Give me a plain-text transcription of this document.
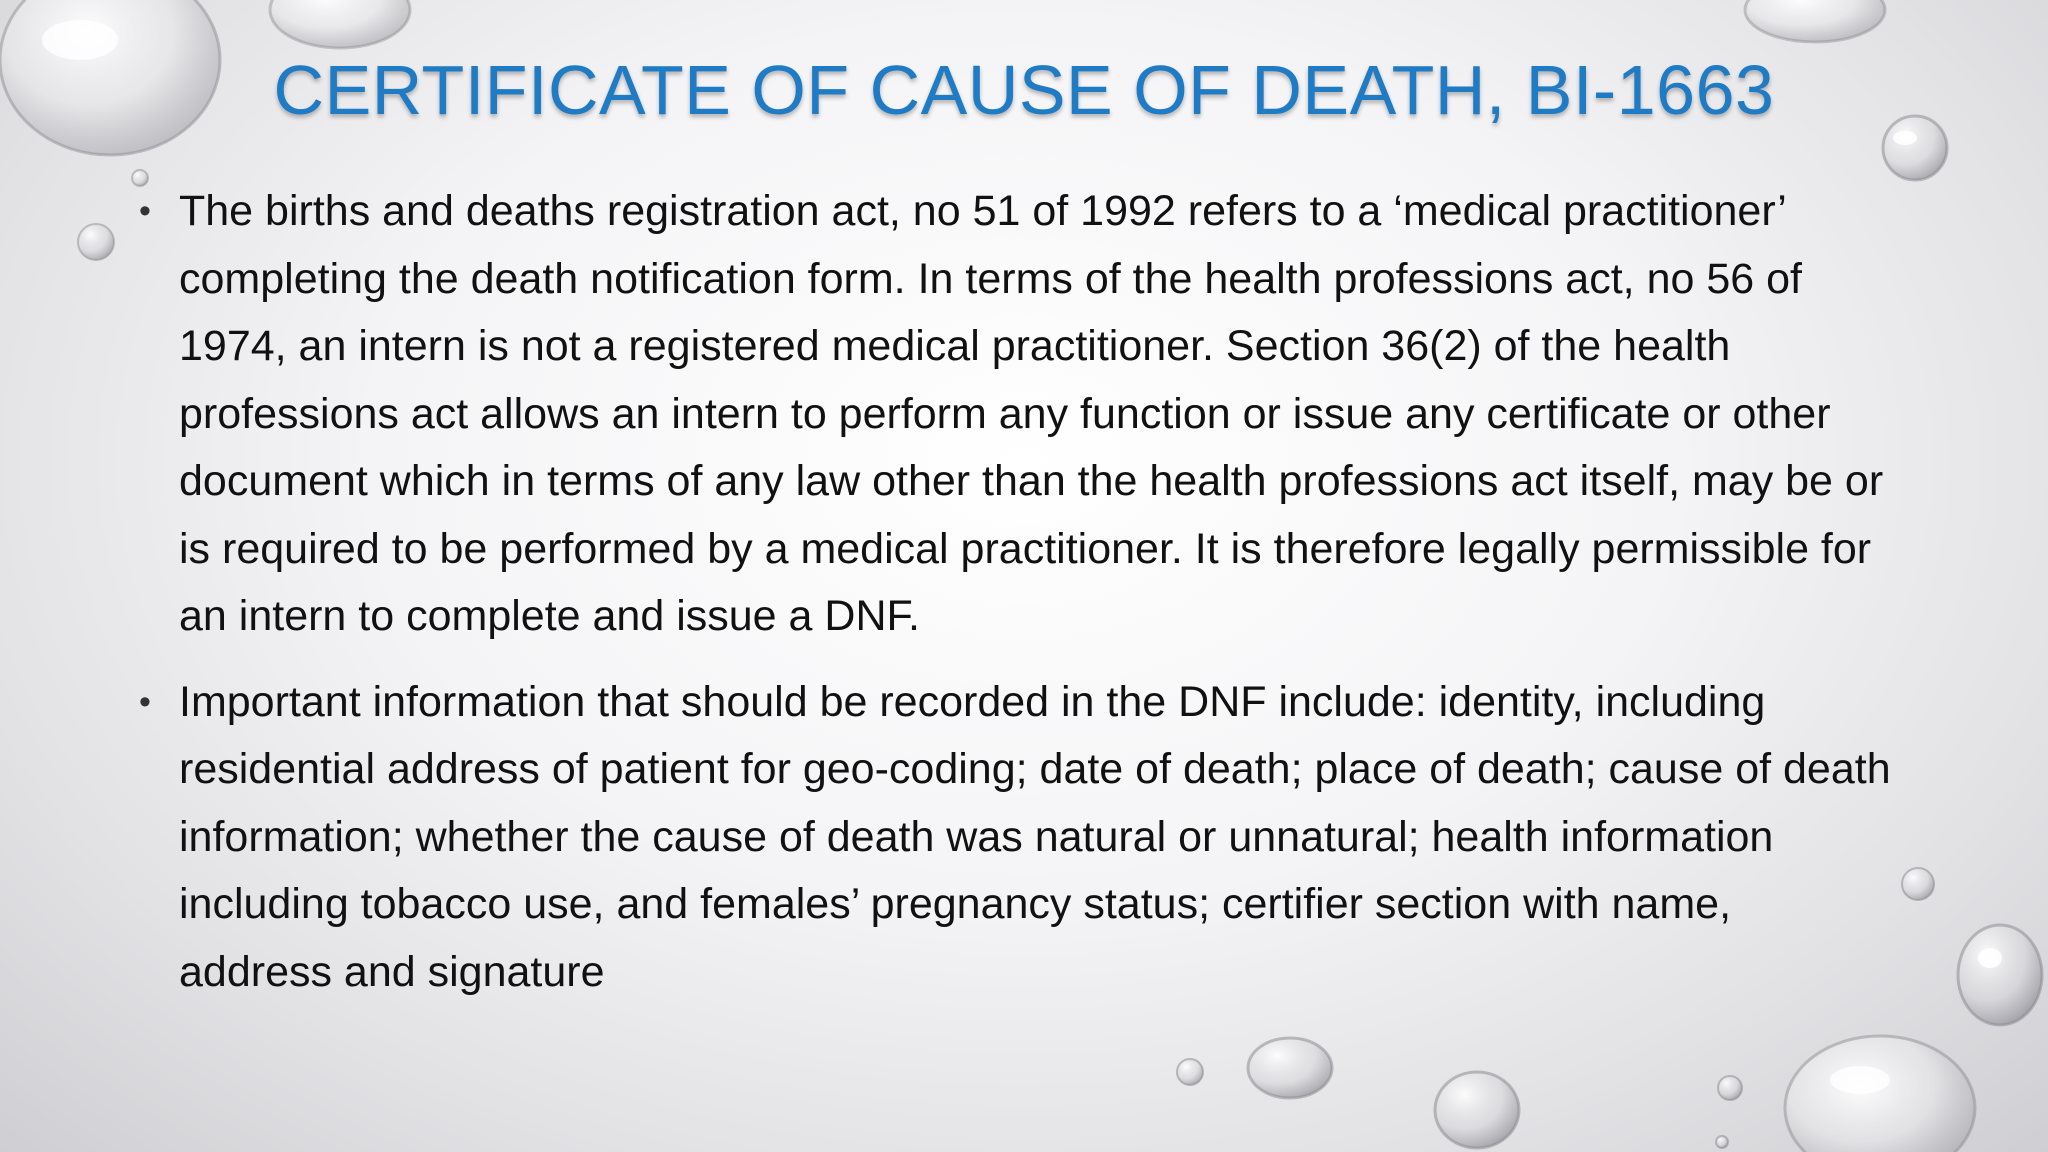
CERTIFICATE OF CAUSE OF DEATH, BI-1663
• The births and deaths registration act, no 51 of 1992 refers to a ‘medical practitioner’ completing the death notification form. In terms of the health professions act, no 56 of 1974, an intern is not a registered medical practitioner. Section 36(2) of the health professions act allows an intern to perform any function or issue any certificate or other document which in terms of any law other than the health professions act itself, may be or is required to be performed by a medical practitioner. It is therefore legally permissible for an intern to complete and issue a DNF.
• Important information that should be recorded in the DNF include: identity, including residential address of patient for geo-coding; date of death; place of death; cause of death information; whether the cause of death was natural or unnatural; health information including tobacco use, and females’ pregnancy status; certifier section with name, address and signature
